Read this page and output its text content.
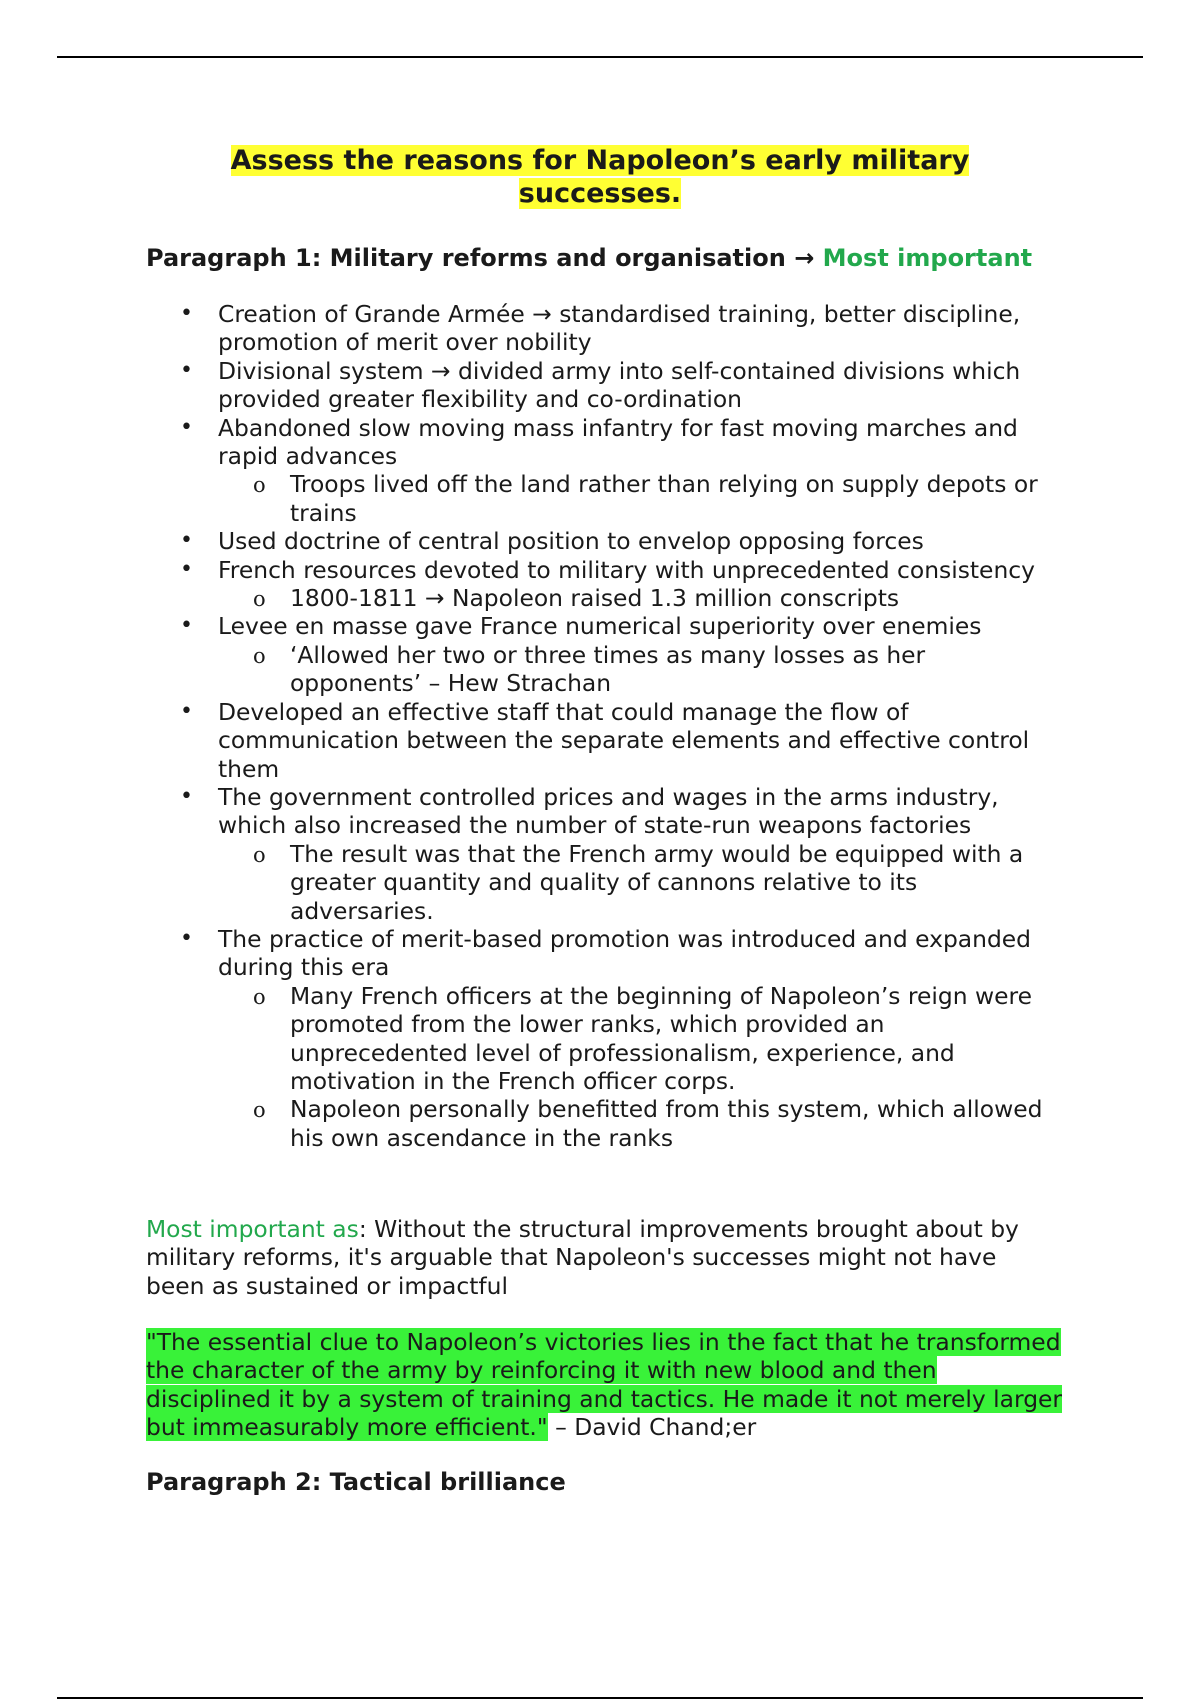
Assess the reasons for Napoleon’s early military successes.

Paragraph 1: Military reforms and organisation → Most important

• Creation of Grande Armée → standardised training, better discipline, promotion of merit over nobility
• Divisional system → divided army into self-contained divisions which provided greater flexibility and co-ordination
• Abandoned slow moving mass infantry for fast moving marches and rapid advances
o Troops lived off the land rather than relying on supply depots or trains
• Used doctrine of central position to envelop opposing forces
• French resources devoted to military with unprecedented consistency
o 1800-1811 → Napoleon raised 1.3 million conscripts
• Levee en masse gave France numerical superiority over enemies
o ‘Allowed her two or three times as many losses as her opponents’ – Hew Strachan
• Developed an effective staff that could manage the flow of communication between the separate elements and effective control them
• The government controlled prices and wages in the arms industry, which also increased the number of state-run weapons factories
o The result was that the French army would be equipped with a greater quantity and quality of cannons relative to its adversaries.
• The practice of merit-based promotion was introduced and expanded during this era
o Many French officers at the beginning of Napoleon’s reign were promoted from the lower ranks, which provided an unprecedented level of professionalism, experience, and motivation in the French officer corps.
o Napoleon personally benefitted from this system, which allowed his own ascendance in the ranks

Most important as: Without the structural improvements brought about by military reforms, it's arguable that Napoleon's successes might not have been as sustained or impactful

"The essential clue to Napoleon’s victories lies in the fact that he transformed the character of the army by reinforcing it with new blood and then disciplined it by a system of training and tactics. He made it not merely larger but immeasurably more efficient." – David Chand;er

Paragraph 2: Tactical brilliance
